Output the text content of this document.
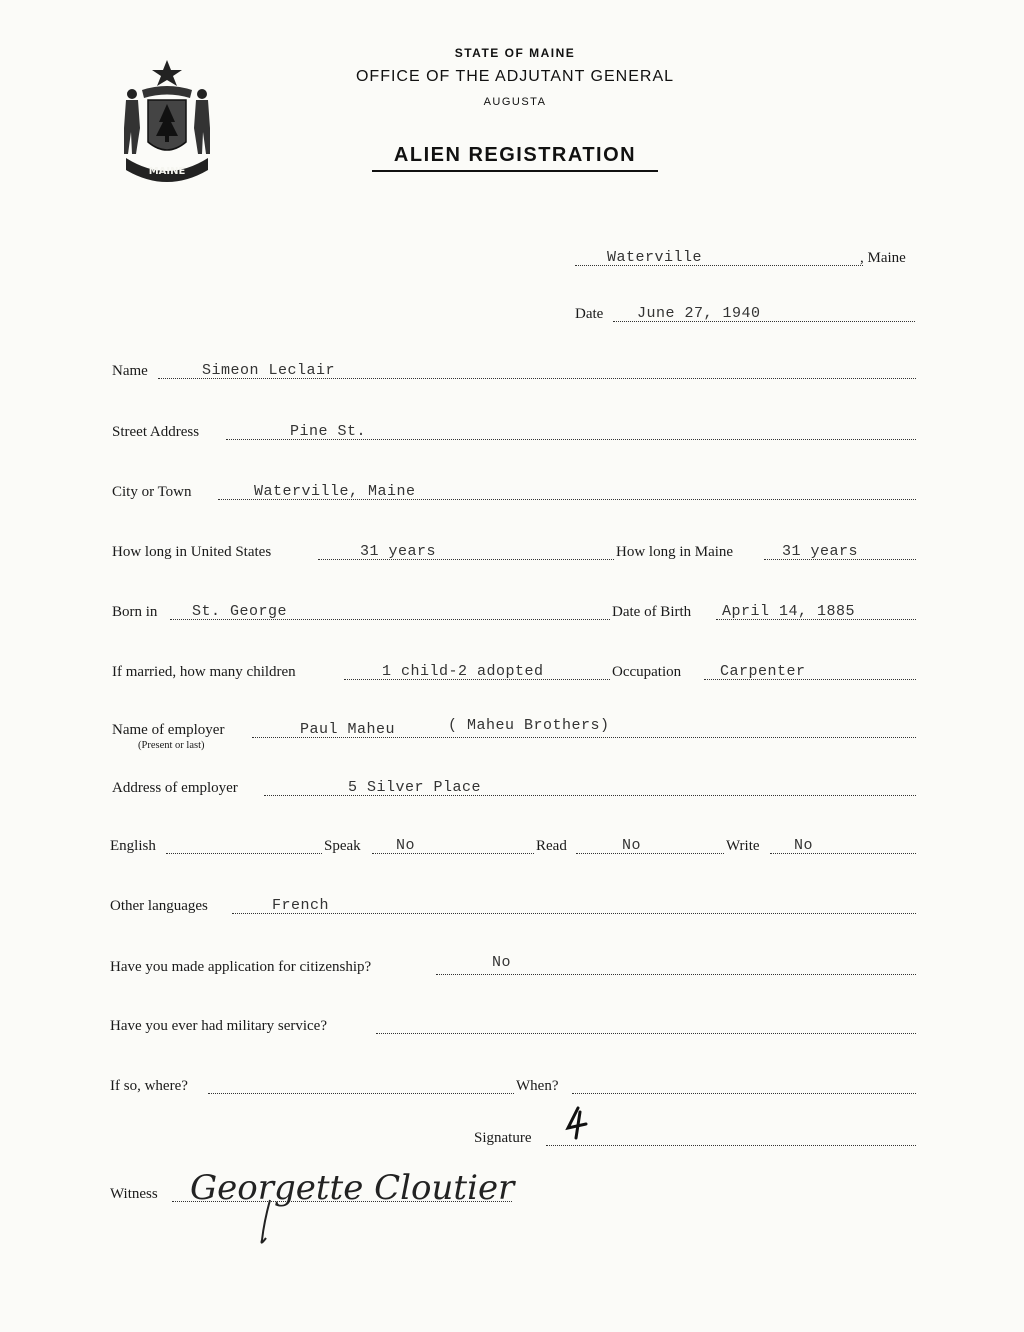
MAINE
STATE OF MAINE
OFFICE OF THE ADJUTANT GENERAL
AUGUSTA
ALIEN REGISTRATION
Waterville	, Maine
Date June 27, 1940
Name	Simeon Leclair
Street Address	Pine St.
City or Town	Waterville, Maine
How long in United States	31 years	How long in Maine	31 years
Born in St. George	Date of Birth April 14, 1885
If married, how many children	1 child-2 adopted	Occupation	Carpenter
Name of employer	Paul Maheu	( Maheu Brothers)
(Present or last)
Address of employer	5 Silver Place
English	Speak No	Read	No	Write No
Other languages	French
Have you made application for citizenship?	No
Have you ever had military service?
If so, where?	When?
Signature
Witness Georgette Cloutier
